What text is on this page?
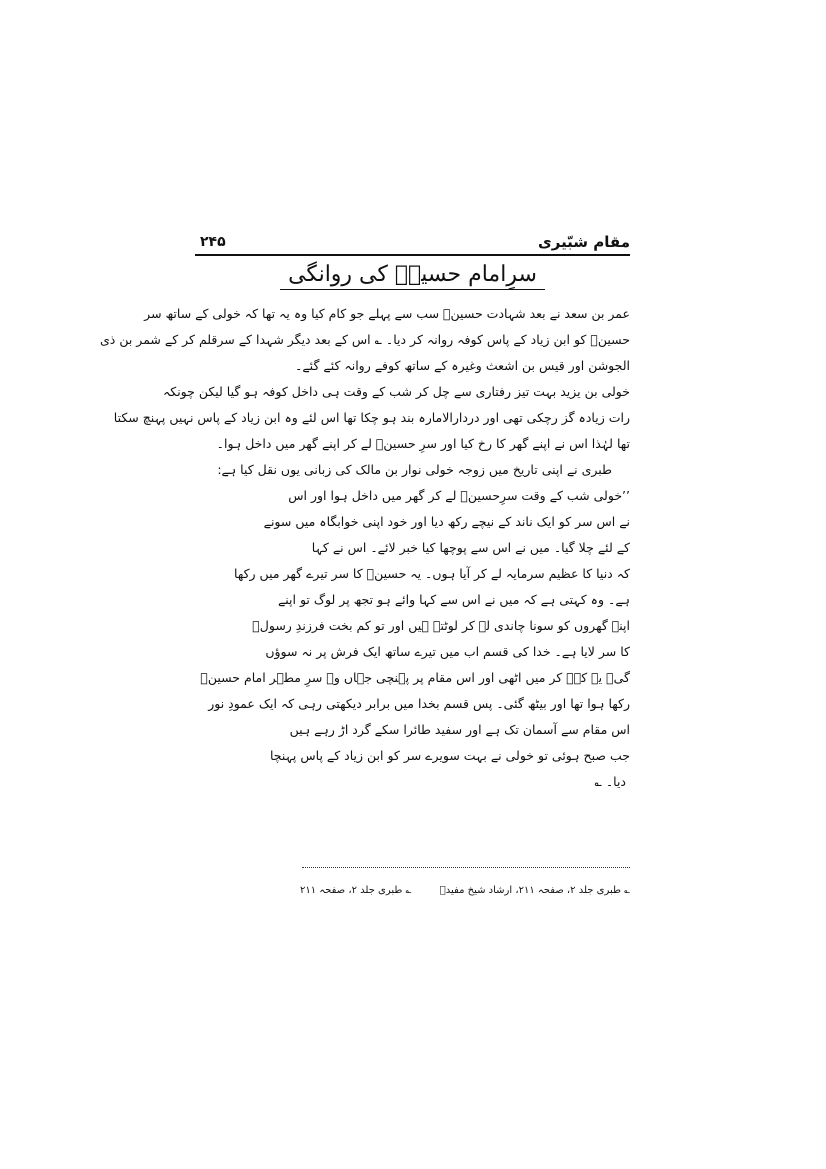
مقام شبّیری
۲۴۵
سرِامام حسینؑ کی روانگی
عمر بن سعد نے بعد شہادت حسینؑ سب سے پہلے جو کام کیا وہ یہ تھا کہ خولی کے ساتھ سر
حسینؑ کو ابن زیاد کے پاس کوفہ روانہ کر دیا۔ ؎ اس کے بعد دیگر شہدا کے سرقلم کر کے شمر بن ذی
الجوشن اور قیس بن اشعث وغیرہ کے ساتھ کوفے روانہ کئے گئے۔
خولی بن یزید بہت تیز رفتاری سے چل کر شب کے وقت ہی داخل کوفہ ہو گیا لیکن چونکہ
رات زیادہ گز رچکی تھی اور دردارالامارہ بند ہو چکا تھا اس لئے وہ ابن زیاد کے پاس نہیں پہنچ سکتا
تھا لہٰذا اس نے اپنے گھر کا رخ کیا اور سرِ حسینؑ لے کر اپنے گھر میں داخل ہوا۔
طبری نے اپنی تاریخ میں زوجہ خولی نوار بن مالک کی زبانی یوں نقل کیا ہے:
’’خولی شب کے وقت سرِحسینؑ لے کر گھر میں داخل ہوا اور اس
نے اس سر کو ایک ناند کے نیچے رکھ دیا اور خود اپنی خوابگاہ میں سونے
کے لئے چلا گیا۔ میں نے اس سے پوچھا کیا خبر لائے۔ اس نے کہا
کہ دنیا کا عظیم سرمایہ لے کر آیا ہوں۔ یہ حسینؑ کا سر تیرے گھر میں رکھا
ہے۔ وہ کہتی ہے کہ میں نے اس سے کہا وائے ہو تجھ پر لوگ تو اپنے
اپنے گھروں کو سونا چاندی لے کر لوٹتے ہیں اور تو کم بخت فرزندِ رسولؐ
کا سر لایا ہے۔ خدا کی قسم اب میں تیرے ساتھ ایک فرش پر نہ سوؤں
گی۔ یہ کہہ کر میں اٹھی اور اس مقام پر پہنچی جہاں وہ سرِ مطہر امام حسینؑ
رکھا ہوا تھا اور بیٹھ گئی۔ پس قسم بخدا میں برابر دیکھتی رہی کہ ایک عمودِ نور
اس مقام سے آسمان تک ہے اور سفید طائرا سکے گرد اڑ رہے ہیں
جب صبح ہوئی تو خولی نے بہت سویرے سر کو ابن زیاد کے پاس پہنچا
دیا۔ ؎
؎ طبری جلد ۲، صفحہ ۲۱۱، ارشاد شیخ مفیدؒ
؎ طبری جلد ۲، صفحہ ۲۱۱
